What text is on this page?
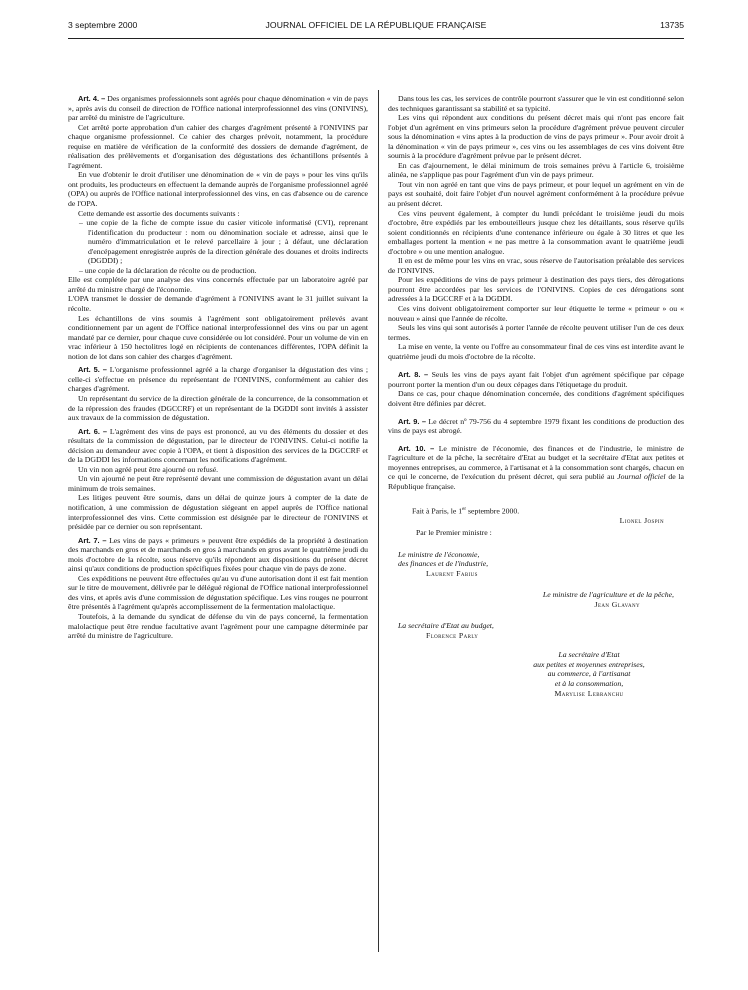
3 septembre 2000	JOURNAL OFFICIEL DE LA RÉPUBLIQUE FRANÇAISE	13735

Art. 4. – Des organismes professionnels sont agréés pour chaque dénomination « vin de pays », après avis du conseil de direction de l'Office national interprofessionnel des vins (ONIVINS), par arrêté du ministre de l'agriculture.

Cet arrêté porte approbation d'un cahier des charges d'agrément présenté à l'ONIVINS par chaque organisme professionnel. Ce cahier des charges prévoit, notamment, la procédure requise en matière de vérification de la conformité des dossiers de demande d'agrément, de réalisation des prélèvements et d'organisation des dégustations des échantillons présentés à l'agrément.

En vue d'obtenir le droit d'utiliser une dénomination de « vin de pays » pour les vins qu'ils ont produits, les producteurs en effectuent la demande auprès de l'organisme professionnel agréé (OPA) ou auprès de l'Office national interprofessionnel des vins, en cas d'absence ou de carence de l'OPA.

Cette demande est assortie des documents suivants :

– une copie de la fiche de compte issue du casier viticole informatisé (CVI), reprenant l'identification du producteur : nom ou dénomination sociale et adresse, ainsi que le numéro d'immatriculation et le relevé parcellaire à jour ; à défaut, une déclaration d'encépagement enregistrée auprès de la direction générale des douanes et droits indirects (DGDDI) ;
– une copie de la déclaration de récolte ou de production.

Elle est complétée par une analyse des vins concernés effectuée par un laboratoire agréé par arrêté du ministre chargé de l'économie.

L'OPA transmet le dossier de demande d'agrément à l'ONIVINS avant le 31 juillet suivant la récolte.

Les échantillons de vins soumis à l'agrément sont obligatoirement prélevés avant conditionnement par un agent de l'Office national interprofessionnel des vins ou par un agent mandaté par ce dernier, pour chaque cuve considérée ou lot considéré. Pour un volume de vin en vrac inférieur à 150 hectolitres logé en récipients de contenances différentes, l'OPA définit la notion de lot dans son cahier des charges d'agrément.

Art. 5. – L'organisme professionnel agréé a la charge d'organiser la dégustation des vins ; celle-ci s'effectue en présence du représentant de l'ONIVINS, conformément au cahier des charges d'agrément.

Un représentant du service de la direction générale de la concurrence, de la consommation et de la répression des fraudes (DGCCRF) et un représentant de la DGDDI sont invités à assister aux travaux de la commission de dégustation.

Art. 6. – L'agrément des vins de pays est prononcé, au vu des éléments du dossier et des résultats de la commission de dégustation, par le directeur de l'ONIVINS. Celui-ci notifie la décision au demandeur avec copie à l'OPA, et tient à disposition des services de la DGCCRF et de la DGDDI les informations concernant les notifications d'agrément.

Un vin non agréé peut être ajourné ou refusé.

Un vin ajourné ne peut être représenté devant une commission de dégustation avant un délai minimum de trois semaines.

Les litiges peuvent être soumis, dans un délai de quinze jours à compter de la date de notification, à une commission de dégustation siégeant en appel auprès de l'Office national interprofessionnel des vins. Cette commission est désignée par le directeur de l'ONIVINS et présidée par ce dernier ou son représentant.

Art. 7. – Les vins de pays « primeurs » peuvent être expédiés de la propriété à destination des marchands en gros et de marchands en gros à marchands en gros avant le quatrième jeudi du mois d'octobre de la récolte, sous réserve qu'ils répondent aux dispositions du présent décret ainsi qu'aux conditions de production spécifiques fixées pour chaque vin de pays de zone.

Ces expéditions ne peuvent être effectuées qu'au vu d'une autorisation dont il est fait mention sur le titre de mouvement, délivrée par le délégué régional de l'Office national interprofessionnel des vins, et après avis d'une commission de dégustation spécifique. Les vins rouges ne pourront être présentés à l'agrément qu'après accomplissement de la fermentation malolactique.

Toutefois, à la demande du syndicat de défense du vin de pays concerné, la fermentation malolactique peut être rendue facultative avant l'agrément pour une campagne déterminée par arrêté du ministre de l'agriculture.

Dans tous les cas, les services de contrôle pourront s'assurer que le vin est conditionné selon des techniques garantissant sa stabilité et sa typicité.

Les vins qui répondent aux conditions du présent décret mais qui n'ont pas encore fait l'objet d'un agrément en vins primeurs selon la procédure d'agrément prévue peuvent circuler sous la dénomination « vins aptes à la production de vins de pays primeur ». Pour avoir droit à la dénomination « vin de pays primeur », ces vins ou les assemblages de ces vins doivent être soumis à la procédure d'agrément prévue par le présent décret.

En cas d'ajournement, le délai minimum de trois semaines prévu à l'article 6, troisième alinéa, ne s'applique pas pour l'agrément d'un vin de pays primeur.

Tout vin non agréé en tant que vins de pays primeur, et pour lequel un agrément en vin de pays est souhaité, doit faire l'objet d'un nouvel agrément conformément à la procédure prévue au présent décret.

Ces vins peuvent également, à compter du lundi précédant le troisième jeudi du mois d'octobre, être expédiés par les embouteilleurs jusque chez les détaillants, sous réserve qu'ils soient conditionnés en récipients d'une contenance inférieure ou égale à 30 litres et que les emballages portent la mention « ne pas mettre à la consommation avant le quatrième jeudi d'octobre » ou une mention analogue.

Il en est de même pour les vins en vrac, sous réserve de l'autorisation préalable des services de l'ONIVINS.

Pour les expéditions de vins de pays primeur à destination des pays tiers, des dérogations pourront être accordées par les services de l'ONIVINS. Copies de ces dérogations sont adressées à la DGCCRF et à la DGDDI.

Ces vins doivent obligatoirement comporter sur leur étiquette le terme « primeur » ou « nouveau » ainsi que l'année de récolte.

Seuls les vins qui sont autorisés à porter l'année de récolte peuvent utiliser l'un de ces deux termes.

La mise en vente, la vente ou l'offre au consommateur final de ces vins est interdite avant le quatrième jeudi du mois d'octobre de la récolte.

Art. 8. – Seuls les vins de pays ayant fait l'objet d'un agrément spécifique par cépage pourront porter la mention d'un ou deux cépages dans l'étiquetage du produit.

Dans ce cas, pour chaque dénomination concernée, des conditions d'agrément spécifiques doivent être définies par décret.

Art. 9. – Le décret nº 79-756 du 4 septembre 1979 fixant les conditions de production des vins de pays est abrogé.

Art. 10. – Le ministre de l'économie, des finances et de l'industrie, le ministre de l'agriculture et de la pêche, la secrétaire d'Etat au budget et la secrétaire d'Etat aux petites et moyennes entreprises, au commerce, à l'artisanat et à la consommation sont chargés, chacun en ce qui le concerne, de l'exécution du présent décret, qui sera publié au Journal officiel de la République française.

Fait à Paris, le 1er septembre 2000.

Lionel Jospin

Par le Premier ministre :

Le ministre de l'économie,

des finances et de l'industrie,

Laurent Fabius

Le ministre de l'agriculture et de la pêche,

Jean Glavany

La secrétaire d'Etat au budget,

Florence Parly

La secrétaire d'Etat

aux petites et moyennes entreprises,

au commerce, à l'artisanat

et à la consommation,

Marylise Lebranchu
